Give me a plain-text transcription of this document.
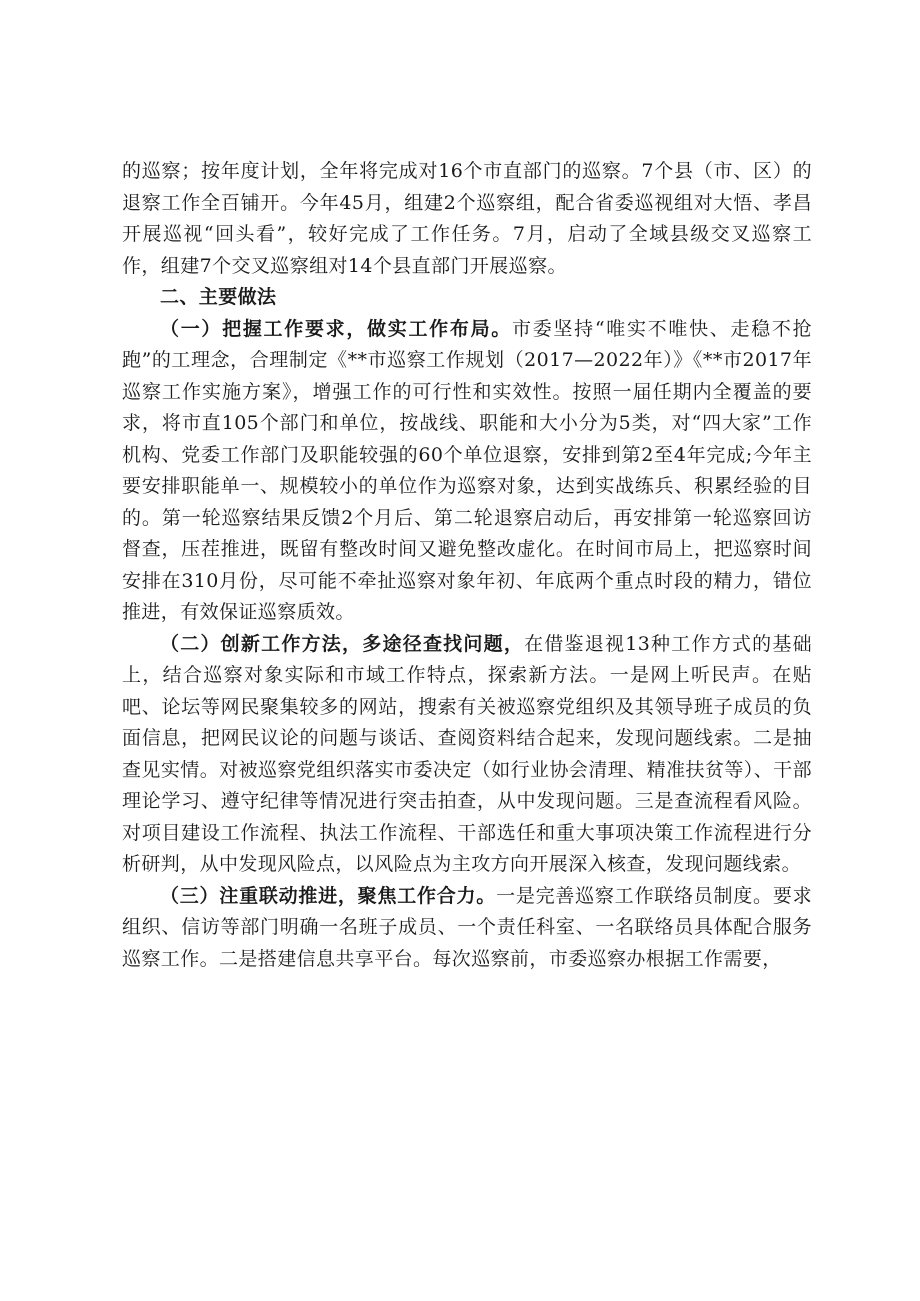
的巡察；按年度计划，全年将完成对16个市直部门的巡察。7个县（市、区）的退察工作全百铺开。今年45月，组建2个巡察组，配合省委巡视组对大悟、孝昌开展巡视“回头看”，较好完成了工作任务。7月，启动了全域县级交叉巡察工作，组建7个交叉巡察组对14个县直部门开展巡察。

二、主要做法

（一）把握工作要求，做实工作布局。市委坚持“唯实不唯快、走稳不抢跑”的工理念，合理制定《**市巡察工作规划（2017—2022年）》《**市2017年巡察工作实施方案》，增强工作的可行性和实效性。按照一届任期内全覆盖的要求，将市直105个部门和单位，按战线、职能和大小分为5类，对“四大家”工作机构、党委工作部门及职能较强的60个单位退察，安排到第2至4年完成;今年主要安排职能单一、规模较小的单位作为巡察对象，达到实战练兵、积累经验的目的。第一轮巡察结果反馈2个月后、第二轮退察启动后，再安排第一轮巡察回访督查，压茬推进，既留有整改时间又避免整改虚化。在时间市局上，把巡察时间安排在310月份，尽可能不牵扯巡察对象年初、年底两个重点时段的精力，错位推进，有效保证巡察质效。

（二）创新工作方法，多途径查找问题，在借鉴退视13种工作方式的基础上，结合巡察对象实际和市域工作特点，探索新方法。一是网上听民声。在贴吧、论坛等网民聚集较多的网站，搜索有关被巡察党组织及其领导班子成员的负面信息，把网民议论的问题与谈话、查阅资料结合起来，发现问题线索。二是抽查见实情。对被巡察党组织落实市委决定（如行业协会清理、精准扶贫等）、干部理论学习、遵守纪律等情况进行突击拍查，从中发现问题。三是查流程看风险。对项目建设工作流程、执法工作流程、干部选任和重大事项决策工作流程进行分析研判，从中发现风险点，以风险点为主攻方向开展深入核查，发现问题线索。

（三）注重联动推进，聚焦工作合力。一是完善巡察工作联络员制度。要求组织、信访等部门明确一名班子成员、一个责任科室、一名联络员具体配合服务巡察工作。二是搭建信息共享平台。每次巡察前，市委巡察办根据工作需要，
